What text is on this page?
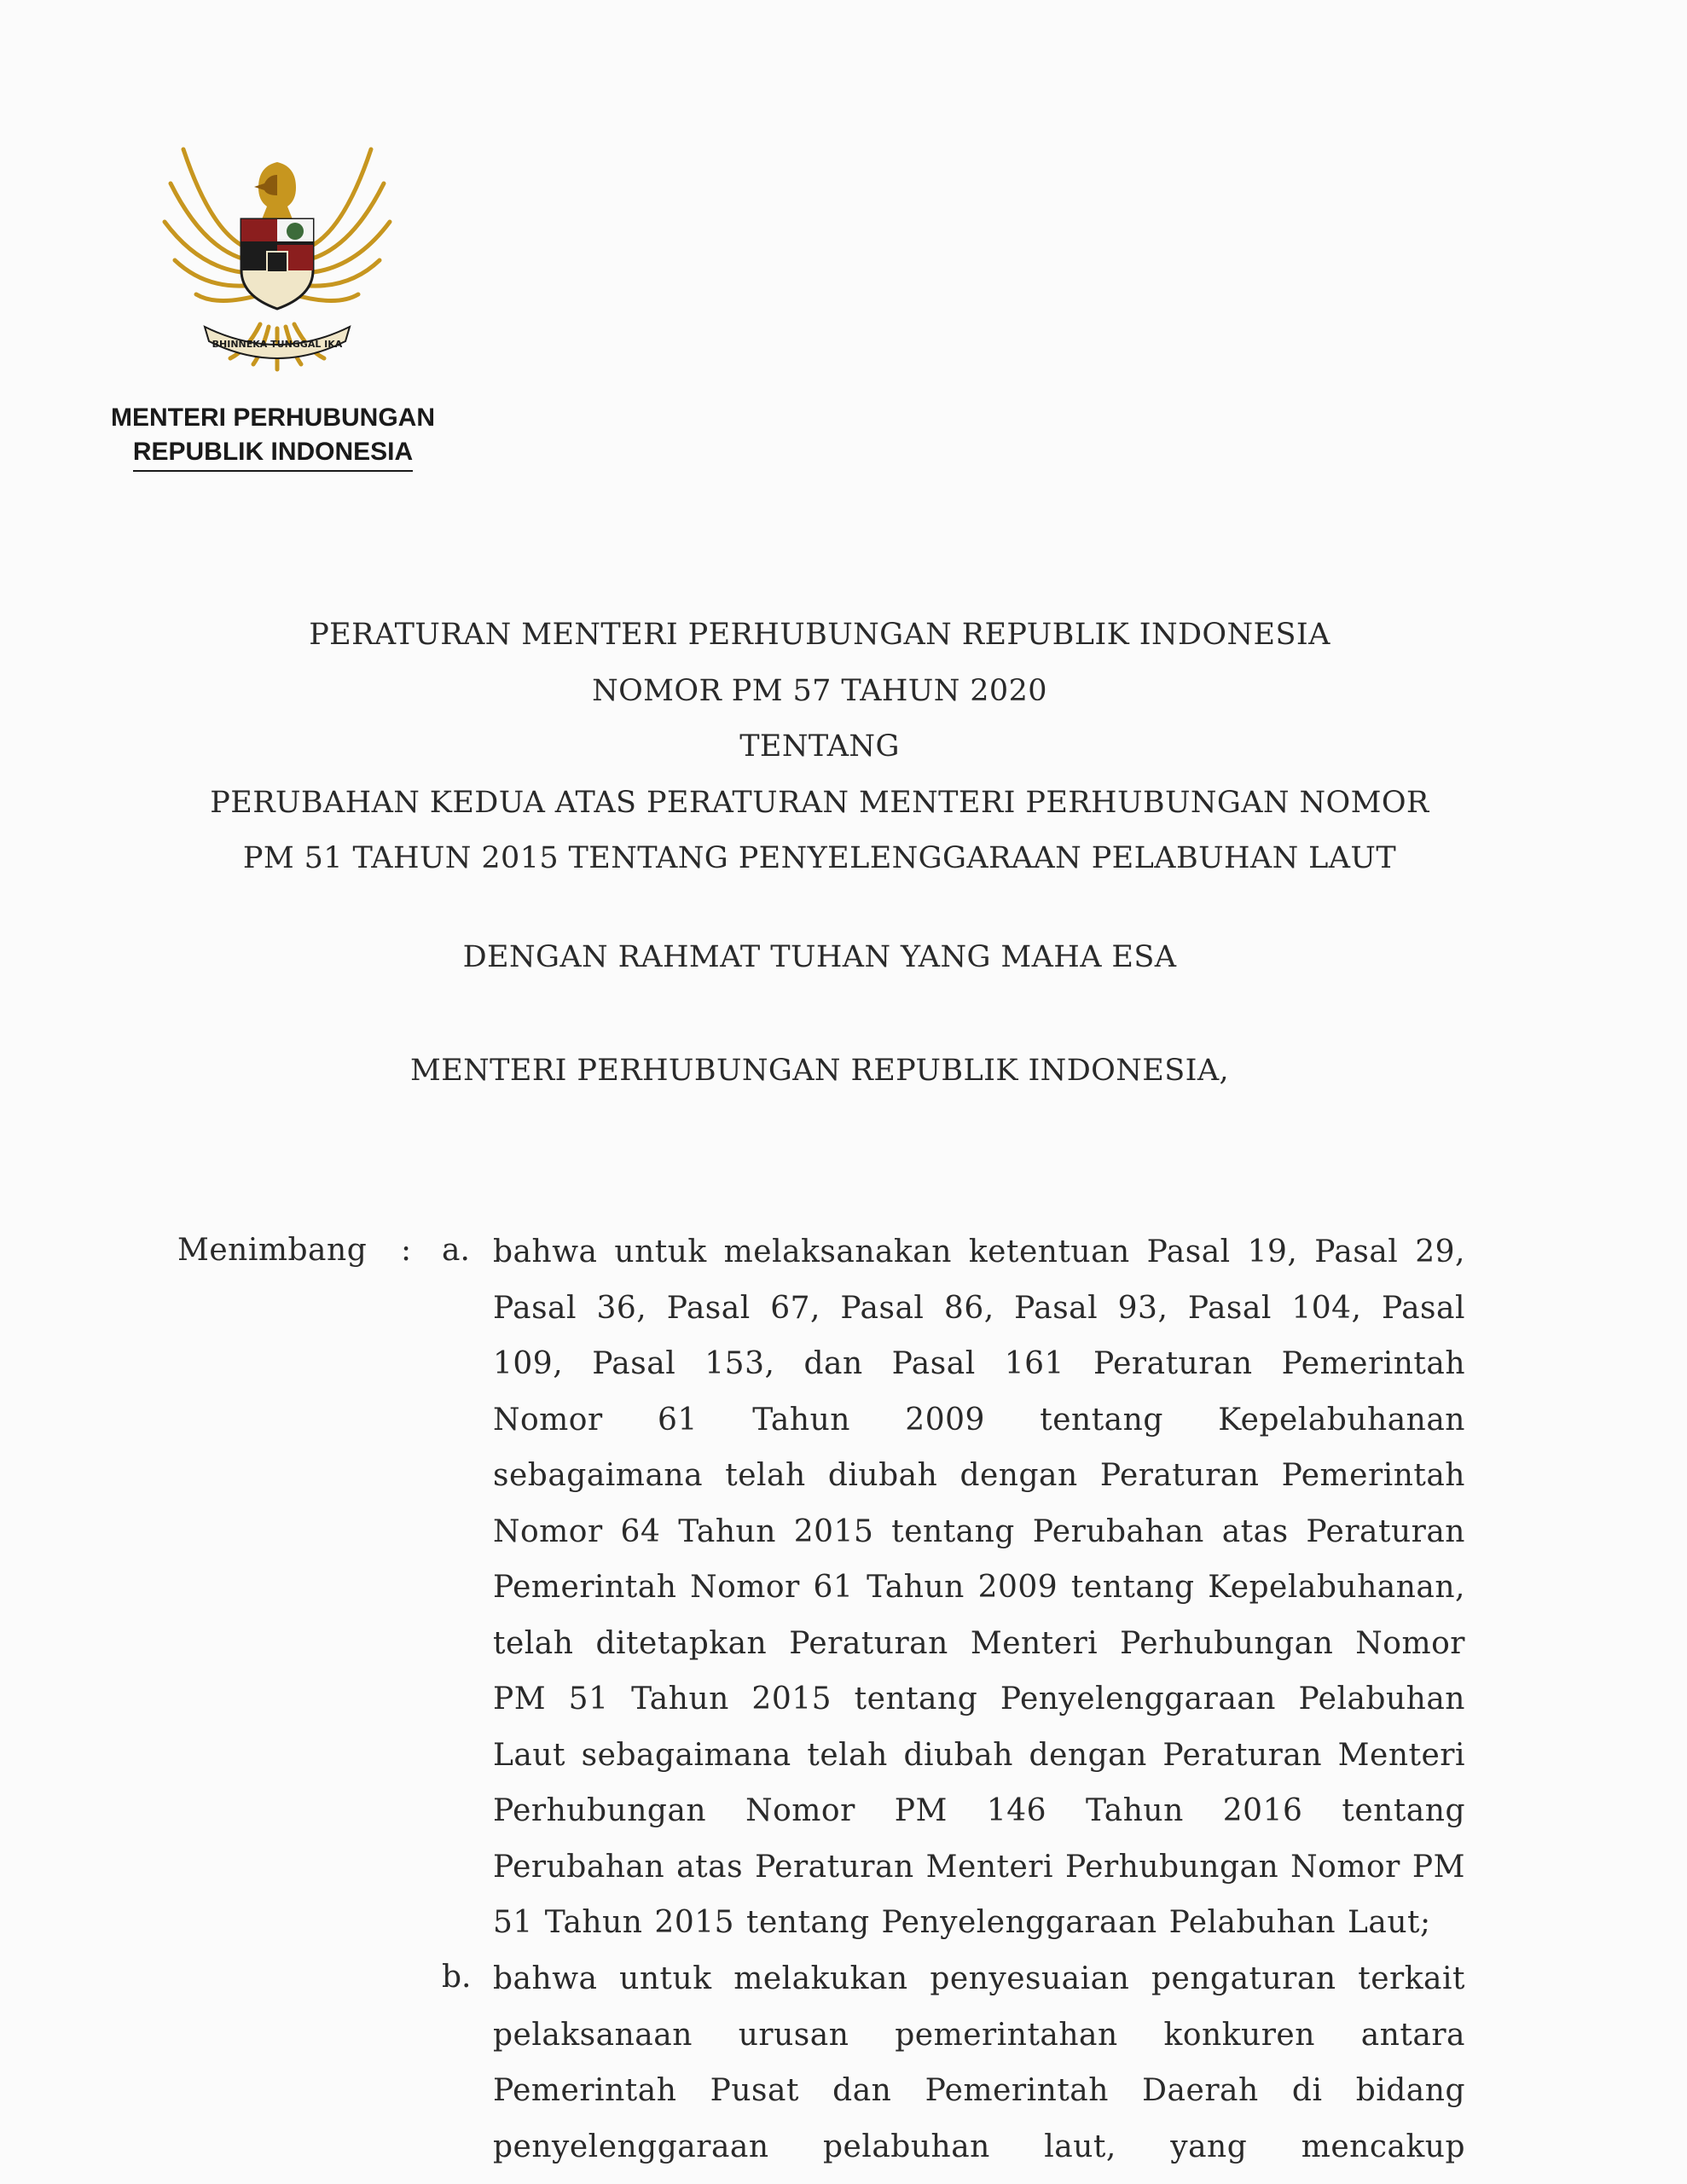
BHINNEKA TUNGGAL IKA
MENTERI PERHUBUNGAN
REPUBLIK INDONESIA

PERATURAN MENTERI PERHUBUNGAN REPUBLIK INDONESIA

NOMOR PM 57 TAHUN 2020

TENTANG

PERUBAHAN KEDUA ATAS PERATURAN MENTERI PERHUBUNGAN NOMOR

PM 51 TAHUN 2015 TENTANG PENYELENGGARAAN PELABUHAN LAUT

DENGAN RAHMAT TUHAN YANG MAHA ESA
MENTERI PERHUBUNGAN REPUBLIK INDONESIA,
Menimbang : a. bahwa untuk melaksanakan ketentuan Pasal 19, Pasal 29, Pasal 36, Pasal 67, Pasal 86, Pasal 93, Pasal 104, Pasal 109, Pasal 153, dan Pasal 161 Peraturan Pemerintah Nomor 61 Tahun 2009 tentang Kepelabuhanan sebagaimana telah diubah dengan Peraturan Pemerintah Nomor 64 Tahun 2015 tentang Perubahan atas Peraturan Pemerintah Nomor 61 Tahun 2009 tentang Kepelabuhanan, telah ditetapkan Peraturan Menteri Perhubungan Nomor PM 51 Tahun 2015 tentang Penyelenggaraan Pelabuhan Laut sebagaimana telah diubah dengan Peraturan Menteri Perhubungan Nomor PM 146 Tahun 2016 tentang Perubahan atas Peraturan Menteri Perhubungan Nomor PM 51 Tahun 2015 tentang Penyelenggaraan Pelabuhan Laut;
b. bahwa untuk melakukan penyesuaian pengaturan terkait pelaksanaan urusan pemerintahan konkuren antara Pemerintah Pusat dan Pemerintah Daerah di bidang penyelenggaraan pelabuhan laut, yang mencakup
